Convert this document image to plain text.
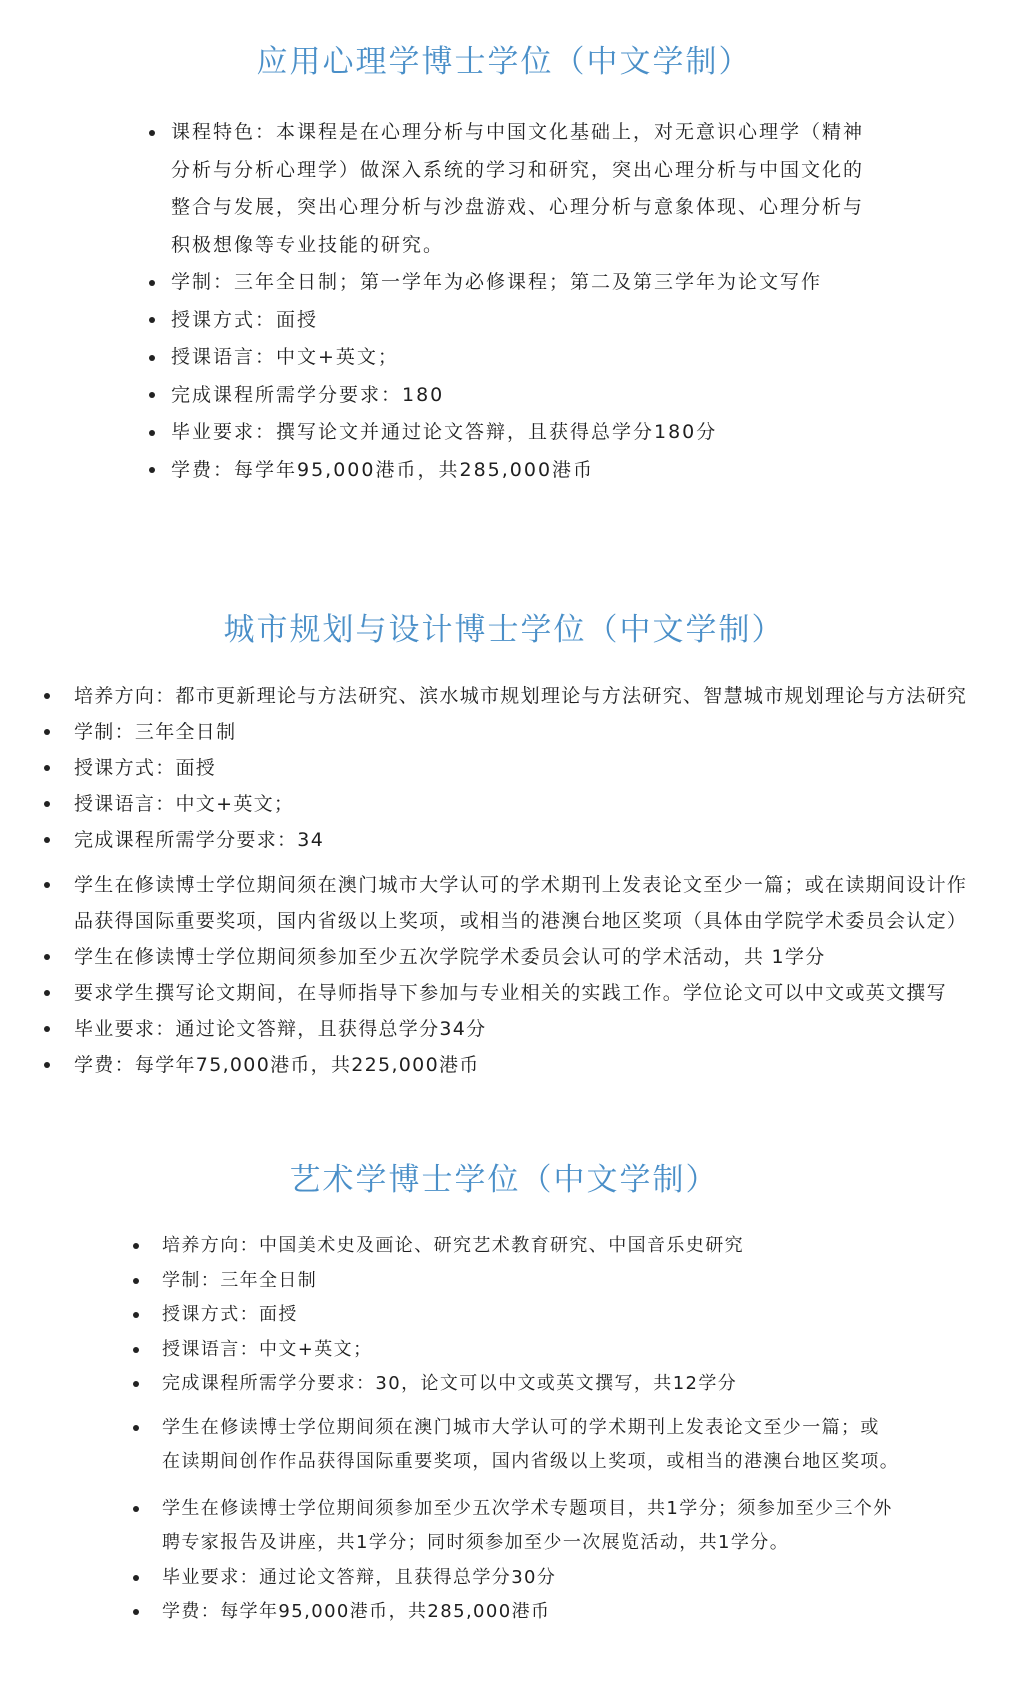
应用心理学博士学位（中文学制）
课程特色：本课程是在心理分析与中国文化基础上，对无意识心理学（精神
分析与分析心理学）做深入系统的学习和研究，突出心理分析与中国文化的
整合与发展，突出心理分析与沙盘游戏、心理分析与意象体现、心理分析与
积极想像等专业技能的研究。
学制：三年全日制；第一学年为必修课程；第二及第三学年为论文写作
授课方式：面授
授课语言：中文+英文；
完成课程所需学分要求：180
毕业要求：撰写论文并通过论文答辩，且获得总学分180分
学费：每学年95,000港币，共285,000港币
城市规划与设计博士学位（中文学制）
培养方向：都市更新理论与方法研究、滨水城市规划理论与方法研究、智慧城市规划理论与方法研究
学制：三年全日制
授课方式：面授
授课语言：中文+英文；
完成课程所需学分要求：34
学生在修读博士学位期间须在澳门城市大学认可的学术期刊上发表论文至少一篇；或在读期间设计作
品获得国际重要奖项，国内省级以上奖项，或相当的港澳台地区奖项（具体由学院学术委员会认定）
学生在修读博士学位期间须参加至少五次学院学术委员会认可的学术活动，共 1学分
要求学生撰写论文期间，在导师指导下参加与专业相关的实践工作。学位论文可以中文或英文撰写
毕业要求：通过论文答辩，且获得总学分34分
学费：每学年75,000港币，共225,000港币
艺术学博士学位（中文学制）
培养方向：中国美术史及画论、研究艺术教育研究、中国音乐史研究
学制：三年全日制
授课方式：面授
授课语言：中文+英文；
完成课程所需学分要求：30，论文可以中文或英文撰写，共12学分
学生在修读博士学位期间须在澳门城市大学认可的学术期刊上发表论文至少一篇；或
在读期间创作作品获得国际重要奖项，国内省级以上奖项，或相当的港澳台地区奖项。
学生在修读博士学位期间须参加至少五次学术专题项目，共1学分；须参加至少三个外
聘专家报告及讲座，共1学分；同时须参加至少一次展览活动，共1学分。
毕业要求：通过论文答辩，且获得总学分30分
学费：每学年95,000港币，共285,000港币
